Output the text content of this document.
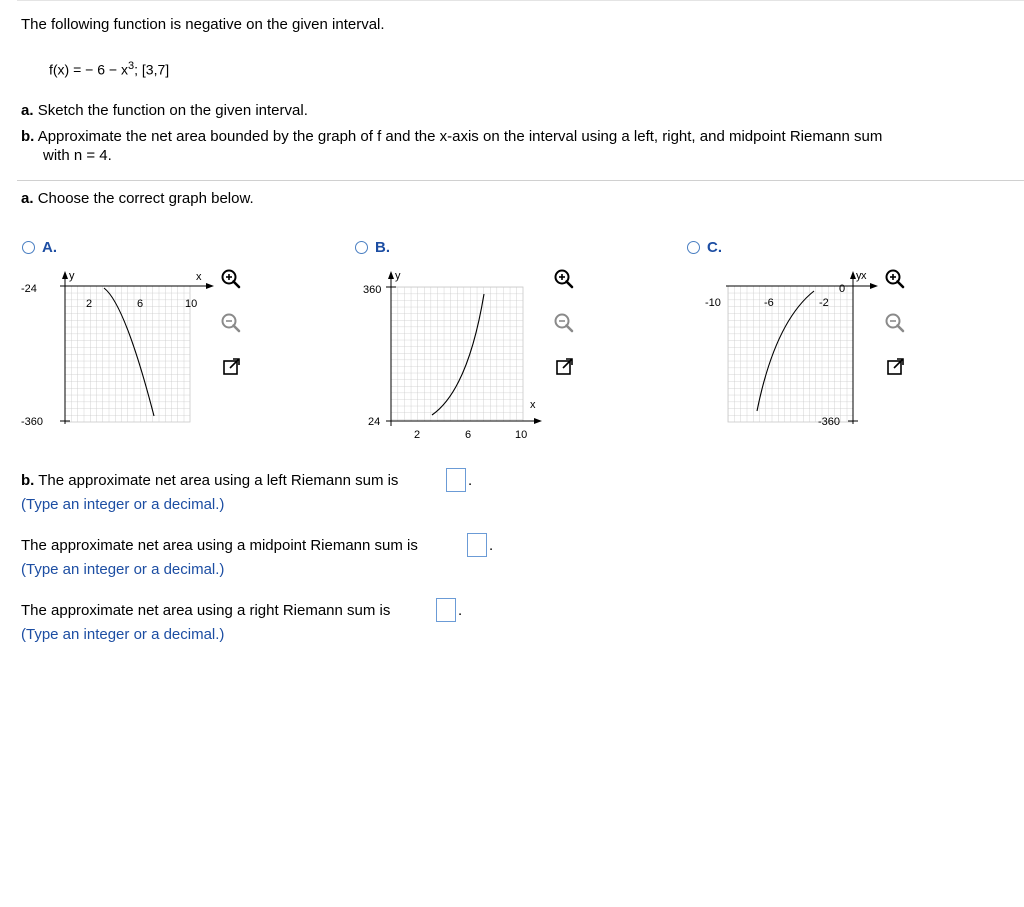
The following function is negative on the given interval.
f(x) = − $6 - x^3$; [3,7]
a. Sketch the function on the given interval.
b. Approximate the net area bounded by the graph of f and the x-axis on the interval using a left, right, and midpoint Riemann sum
with n = 4.
a. Choose the correct graph below.
A.
y	x
-24
-360
2	6	10
B.
y
x
360
24
2	6	10
C.
y x
0
-360
-10	-6	-2
b. The approximate net area using a left Riemann sum is	.
(Type an integer or a decimal.)
The approximate net area using a midpoint Riemann sum is	.
(Type an integer or a decimal.)
The approximate net area using a right Riemann sum is	.
(Type an integer or a decimal.)
